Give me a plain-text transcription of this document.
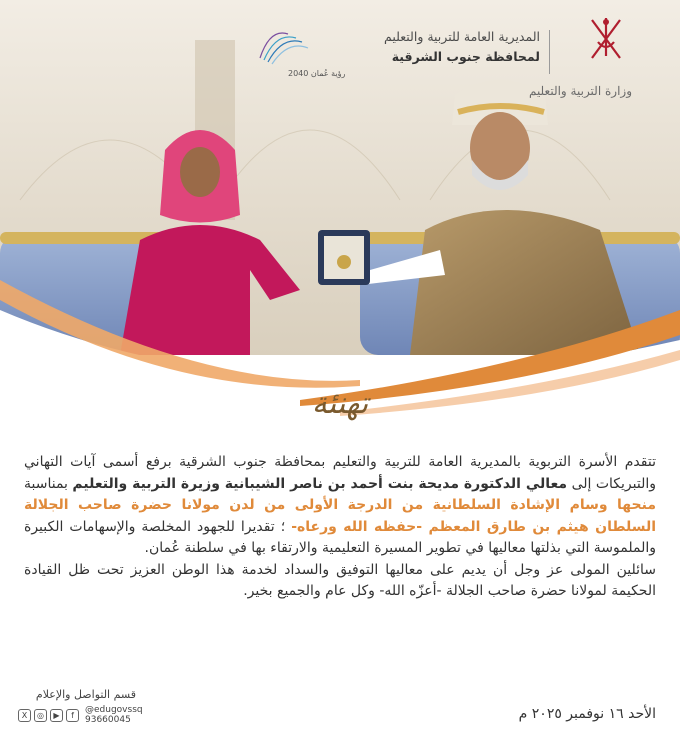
رؤية عُمان 2040
المديرية العامة للتربية والتعليم
لمحافظة جنوب الشرقية
وزارة التربية والتعليم
تهنئة
تتقدم الأسرة التربوية بالمديرية العامة للتربية والتعليم بمحافظة جنوب الشرقية برفع أسمى آيات التهاني والتبريكات إلى معالي الدكتورة مديحة بنت أحمد بن ناصر الشيبانية وزيرة التربية والتعليم بمناسبة منحها وسام الإشادة السلطانية من الدرجة الأولى من لدن مولانا حضرة صاحب الجلالة السلطان هيثم بن طارق المعظم -حفظه الله ورعاه- ؛ تقديرا للجهود المخلصة والإسهامات الكبيرة والملموسة التي بذلتها معاليها في تطوير المسيرة التعليمية والارتقاء بها في سلطنة عُمان.
سائلين المولى عز وجل أن يديم على معاليها التوفيق والسداد لخدمة هذا الوطن العزيز تحت ظل القيادة الحكيمة لمولانا حضرة صاحب الجلالة -أعزّه الله- وكل عام والجميع بخير.
قسم التواصل والإعلام
X	◎	▶	f	@edugovssq
93660045	الأحد ١٦ نوفمبر ٢٠٢٥ م
